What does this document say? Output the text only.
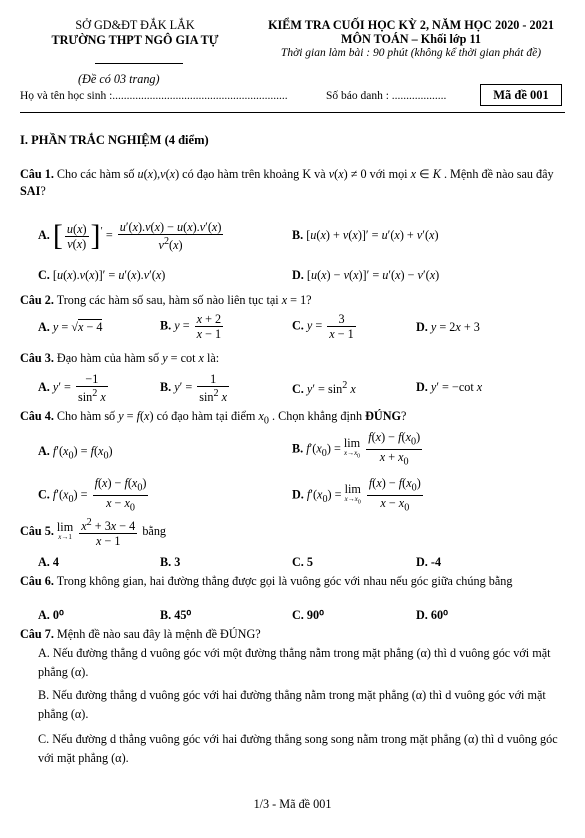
SỞ GD&ĐT ĐẮK LẮK
TRƯỜNG THPT NGÔ GIA TỰ
(Đề có 03 trang)
KIỂM TRA CUỐI HỌC KỲ 2, NĂM HỌC 2020 - 2021
MÔN TOÁN – Khối lớp 11
Thời gian làm bài : 90 phút (không kể thời gian phát đề)
Họ và tên học sinh :.............................................................	Số báo danh : ...................	Mã đề 001
I. PHẦN TRẮC NGHIỆM (4 điểm)
Câu 1. Cho các hàm số u(x),v(x) có đạo hàm trên khoảng K và v(x) ≠ 0 với mọi x ∈ K . Mệnh đề nào sau đây SAI?
A. [ $\frac{u(x)}{v(x)} ]' = \frac{u'(x).v(x) - u(x).v'(x)}{v^2(x)}$	B. [u(x) + v(x)]′ = u′(x) + v′(x)
C. [u(x).v(x)]′ = u′(x).v′(x)	D. [u(x) − v(x)]′ = u′(x) − v′(x)
Câu 2. Trong các hàm số sau, hàm số nào liên tục tại x = 1?
A. y = √x − 4	B. $y = \frac{x + 2}{x - 1}$	C. $y = \frac{3}{x - 1}$	D. y = 2x + 3
Câu 3. Đạo hàm của hàm số y = cot x là:
A. $y' = \frac{-1}{\sin^2 x}$	B. $y' = \frac{1}{\sin^2 x}$	C. $y' = \sin^2 x$	D. y′ = −cot x
Câu 4. Cho hàm số y = f(x) có đạo hàm tại điểm $x_0$ . Chọn khẳng định ĐÚNG?
A. $f'(x_0) = f(x_0)$	B. $f'(x_0) = \lim$
$x\to x_0$
$\frac{f(x) - f(x_0)}{x + x_0}$
C. $f'(x_0) = \frac{f(x) - f(x_0)}{x - x_0}$	D. $f'(x_0) = \lim$
$x\to x_0$
$\frac{f(x) - f(x_0)}{x - x_0}$
Câu 5. lim
x→1
$\frac{x^2 + 3x - 4}{x - 1}$ bằng
A. 4	B. 3	C. 5	D. -4
Câu 6. Trong không gian, hai đường thẳng được gọi là vuông góc với nhau nếu góc giữa chúng bằng
A. 0⁰	B. 45⁰	C. 90⁰	D. 60⁰
Câu 7. Mệnh đề nào sau đây là mệnh đề ĐÚNG?
A. Nếu đường thẳng d vuông góc với một đường thẳng nằm trong mặt phẳng (α) thì d vuông góc với mặt phẳng (α).
B. Nếu đường thẳng d vuông góc với hai đường thẳng nằm trong mặt phẳng (α) thì d vuông góc với mặt phẳng (α).
C. Nếu đường d thẳng vuông góc với hai đường thẳng song song nằm trong mặt phẳng (α) thì d vuông góc với mặt phẳng (α).
1/3 - Mã đề 001
